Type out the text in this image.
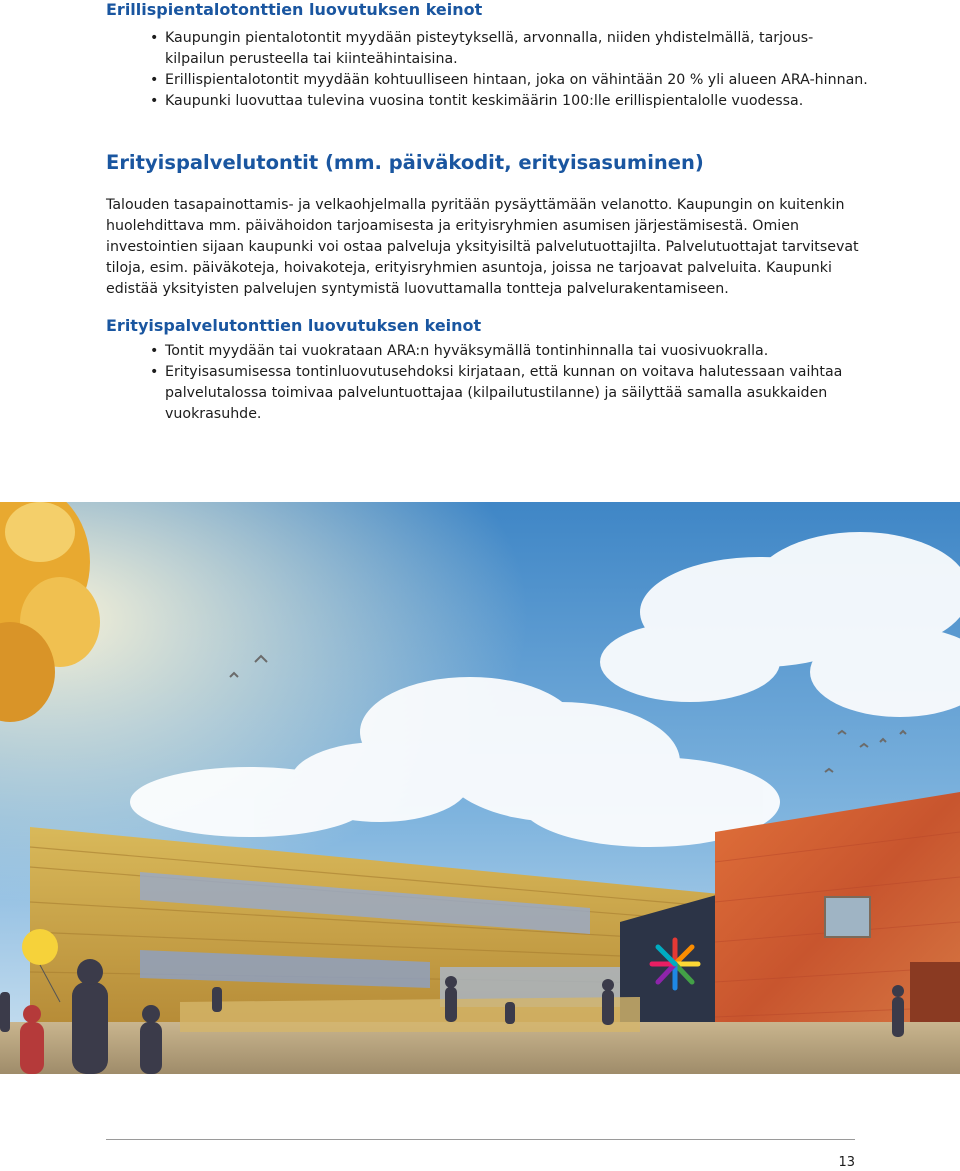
Erillispientalotonttien luovutuksen keinot
• Kaupungin pientalotontit myydään pisteytyksellä, arvonnalla, niiden yhdistelmällä, tarjous-kilpailun perusteella tai kiinteähintaisina.
• Erillispientalotontit myydään kohtuulliseen hintaan, joka on vähintään 20 % yli alueen ARA-hinnan.
• Kaupunki luovuttaa tulevina vuosina tontit keskimäärin 100:lle erillispientalolle vuodessa.
Erityispalvelutontit (mm. päiväkodit, erityisasuminen)

Talouden tasapainottamis- ja velkaohjelmalla pyritään pysäyttämään velanotto. Kaupungin on kuitenkin huolehdittava mm. päivähoidon tarjoamisesta ja erityisryhmien asumisen järjestämisestä. Omien investointien sijaan kaupunki voi ostaa palveluja yksityisiltä palvelutuottajilta. Palvelutuottajat tarvitsevat tiloja, esim. päiväkoteja, hoivakoteja, erityisryhmien asuntoja, joissa ne tarjoavat palveluita. Kaupunki edistää yksityisten palvelujen syntymistä luovuttamalla tontteja palvelurakentamiseen.

Erityispalvelutonttien luovutuksen keinot
• Tontit myydään tai vuokrataan ARA:n hyväksymällä tontinhinnalla tai vuosivuokralla.
• Erityisasumisessa tontinluovutusehdoksi kirjataan, että kunnan on voitava halutessaan vaihtaa palvelutalossa toimivaa palveluntuottajaa (kilpailutustilanne) ja säilyttää samalla asukkaiden vuokrasuhde.
13
